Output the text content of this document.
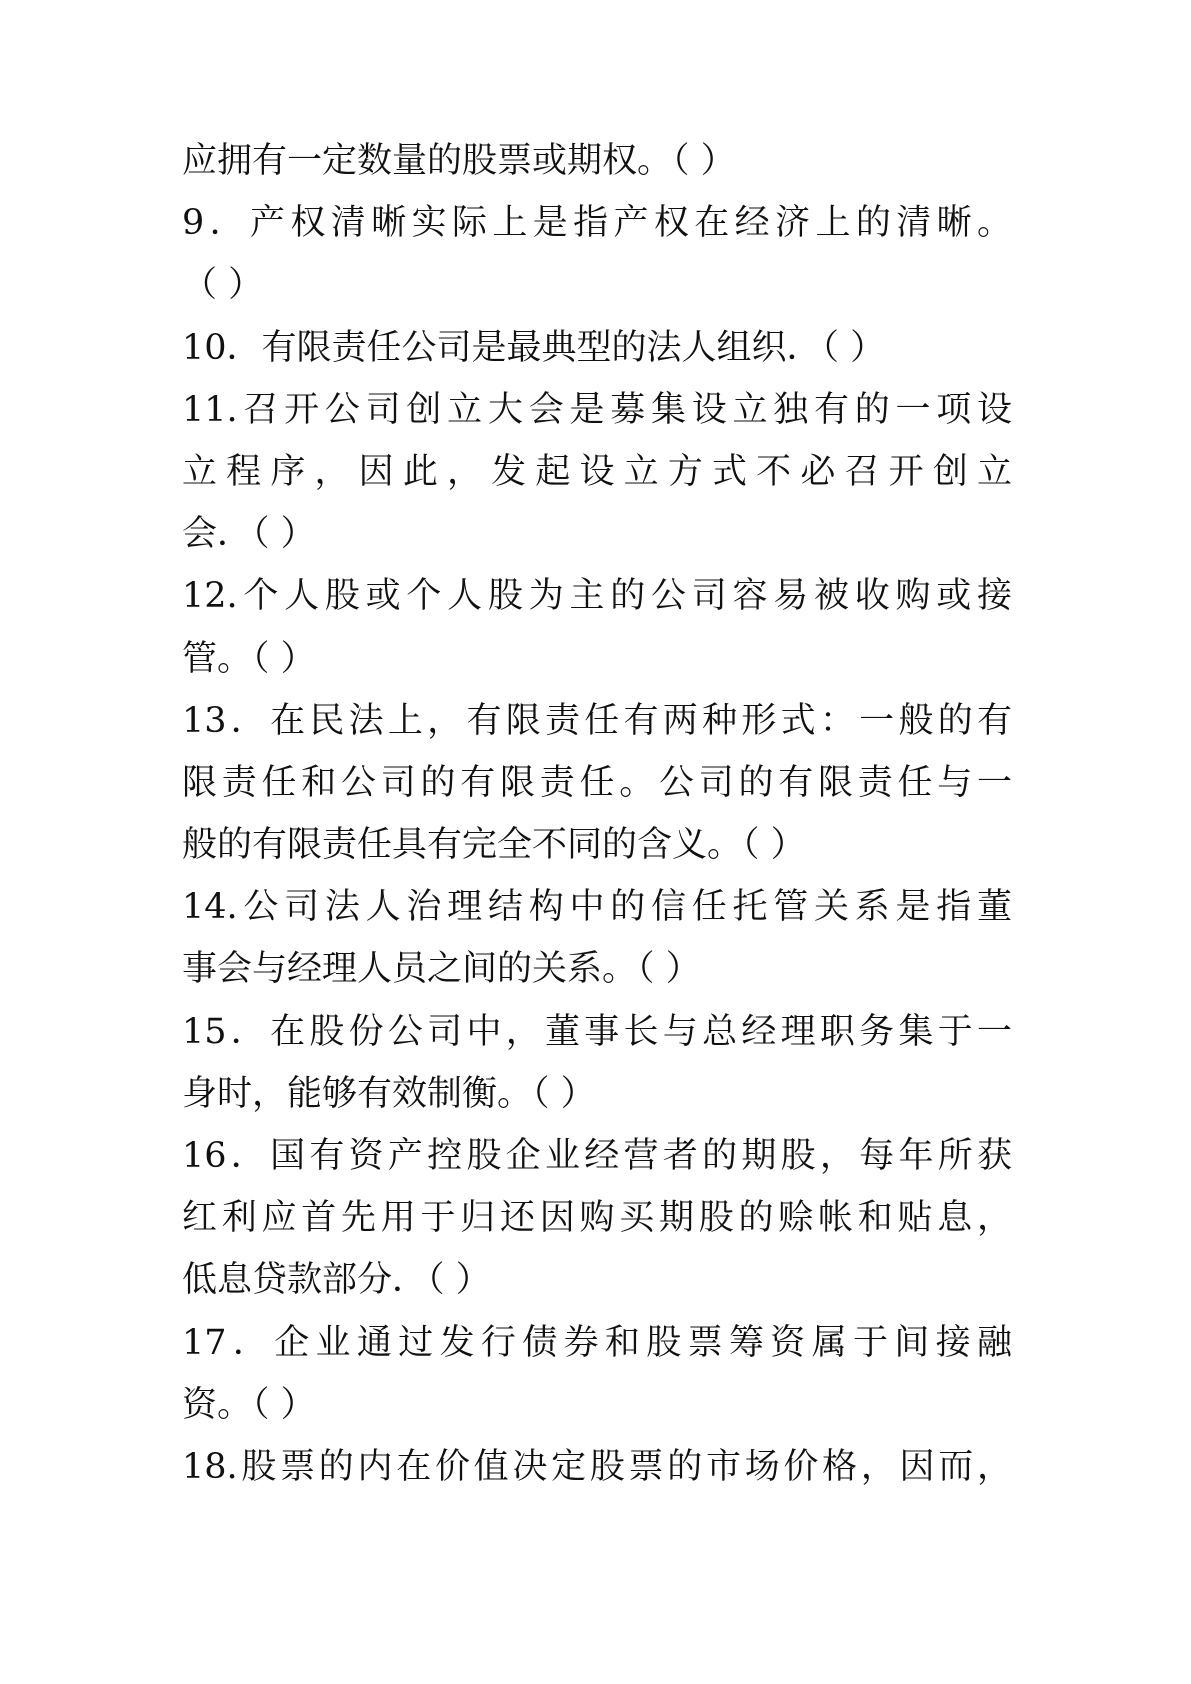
应拥有一定数量的股票或期权。（ ）
9．产权清晰实际上是指产权在经济上的清晰。
（ ）
10．有限责任公司是最典型的法人组织．（ ）
11.召开公司创立大会是募集设立独有的一项设
立程序，因此，发起设立方式不必召开创立
会．（ ）
12.个人股或个人股为主的公司容易被收购或接
管。（ ）
13．在民法上，有限责任有两种形式：一般的有
限责任和公司的有限责任。公司的有限责任与一
般的有限责任具有完全不同的含义。（ ）
14.公司法人治理结构中的信任托管关系是指董
事会与经理人员之间的关系。（ ）
15．在股份公司中，董事长与总经理职务集于一
身时，能够有效制衡。（ ）
16．国有资产控股企业经营者的期股，每年所获
红利应首先用于归还因购买期股的赊帐和贴息，
低息贷款部分．（ ）
17．企业通过发行债券和股票筹资属于间接融
资。（ ）
18.股票的内在价值决定股票的市场价格，因而，
